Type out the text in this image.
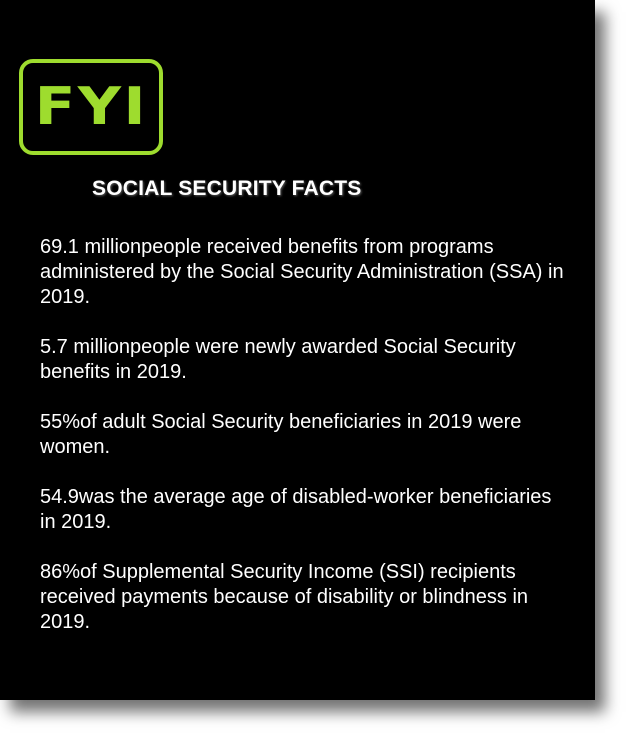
FYI
SOCIAL SECURITY FACTS
69.1 millionpeople received benefits from programs administered by the Social Security Administration (SSA) in 2019.
5.7 millionpeople were newly awarded Social Security benefits in 2019.
55%of adult Social Security beneficiaries in 2019 were women.
54.9was the average age of disabled-worker beneficiaries in 2019.
86%of Supplemental Security Income (SSI) recipients received payments because of disability or blindness in 2019.
